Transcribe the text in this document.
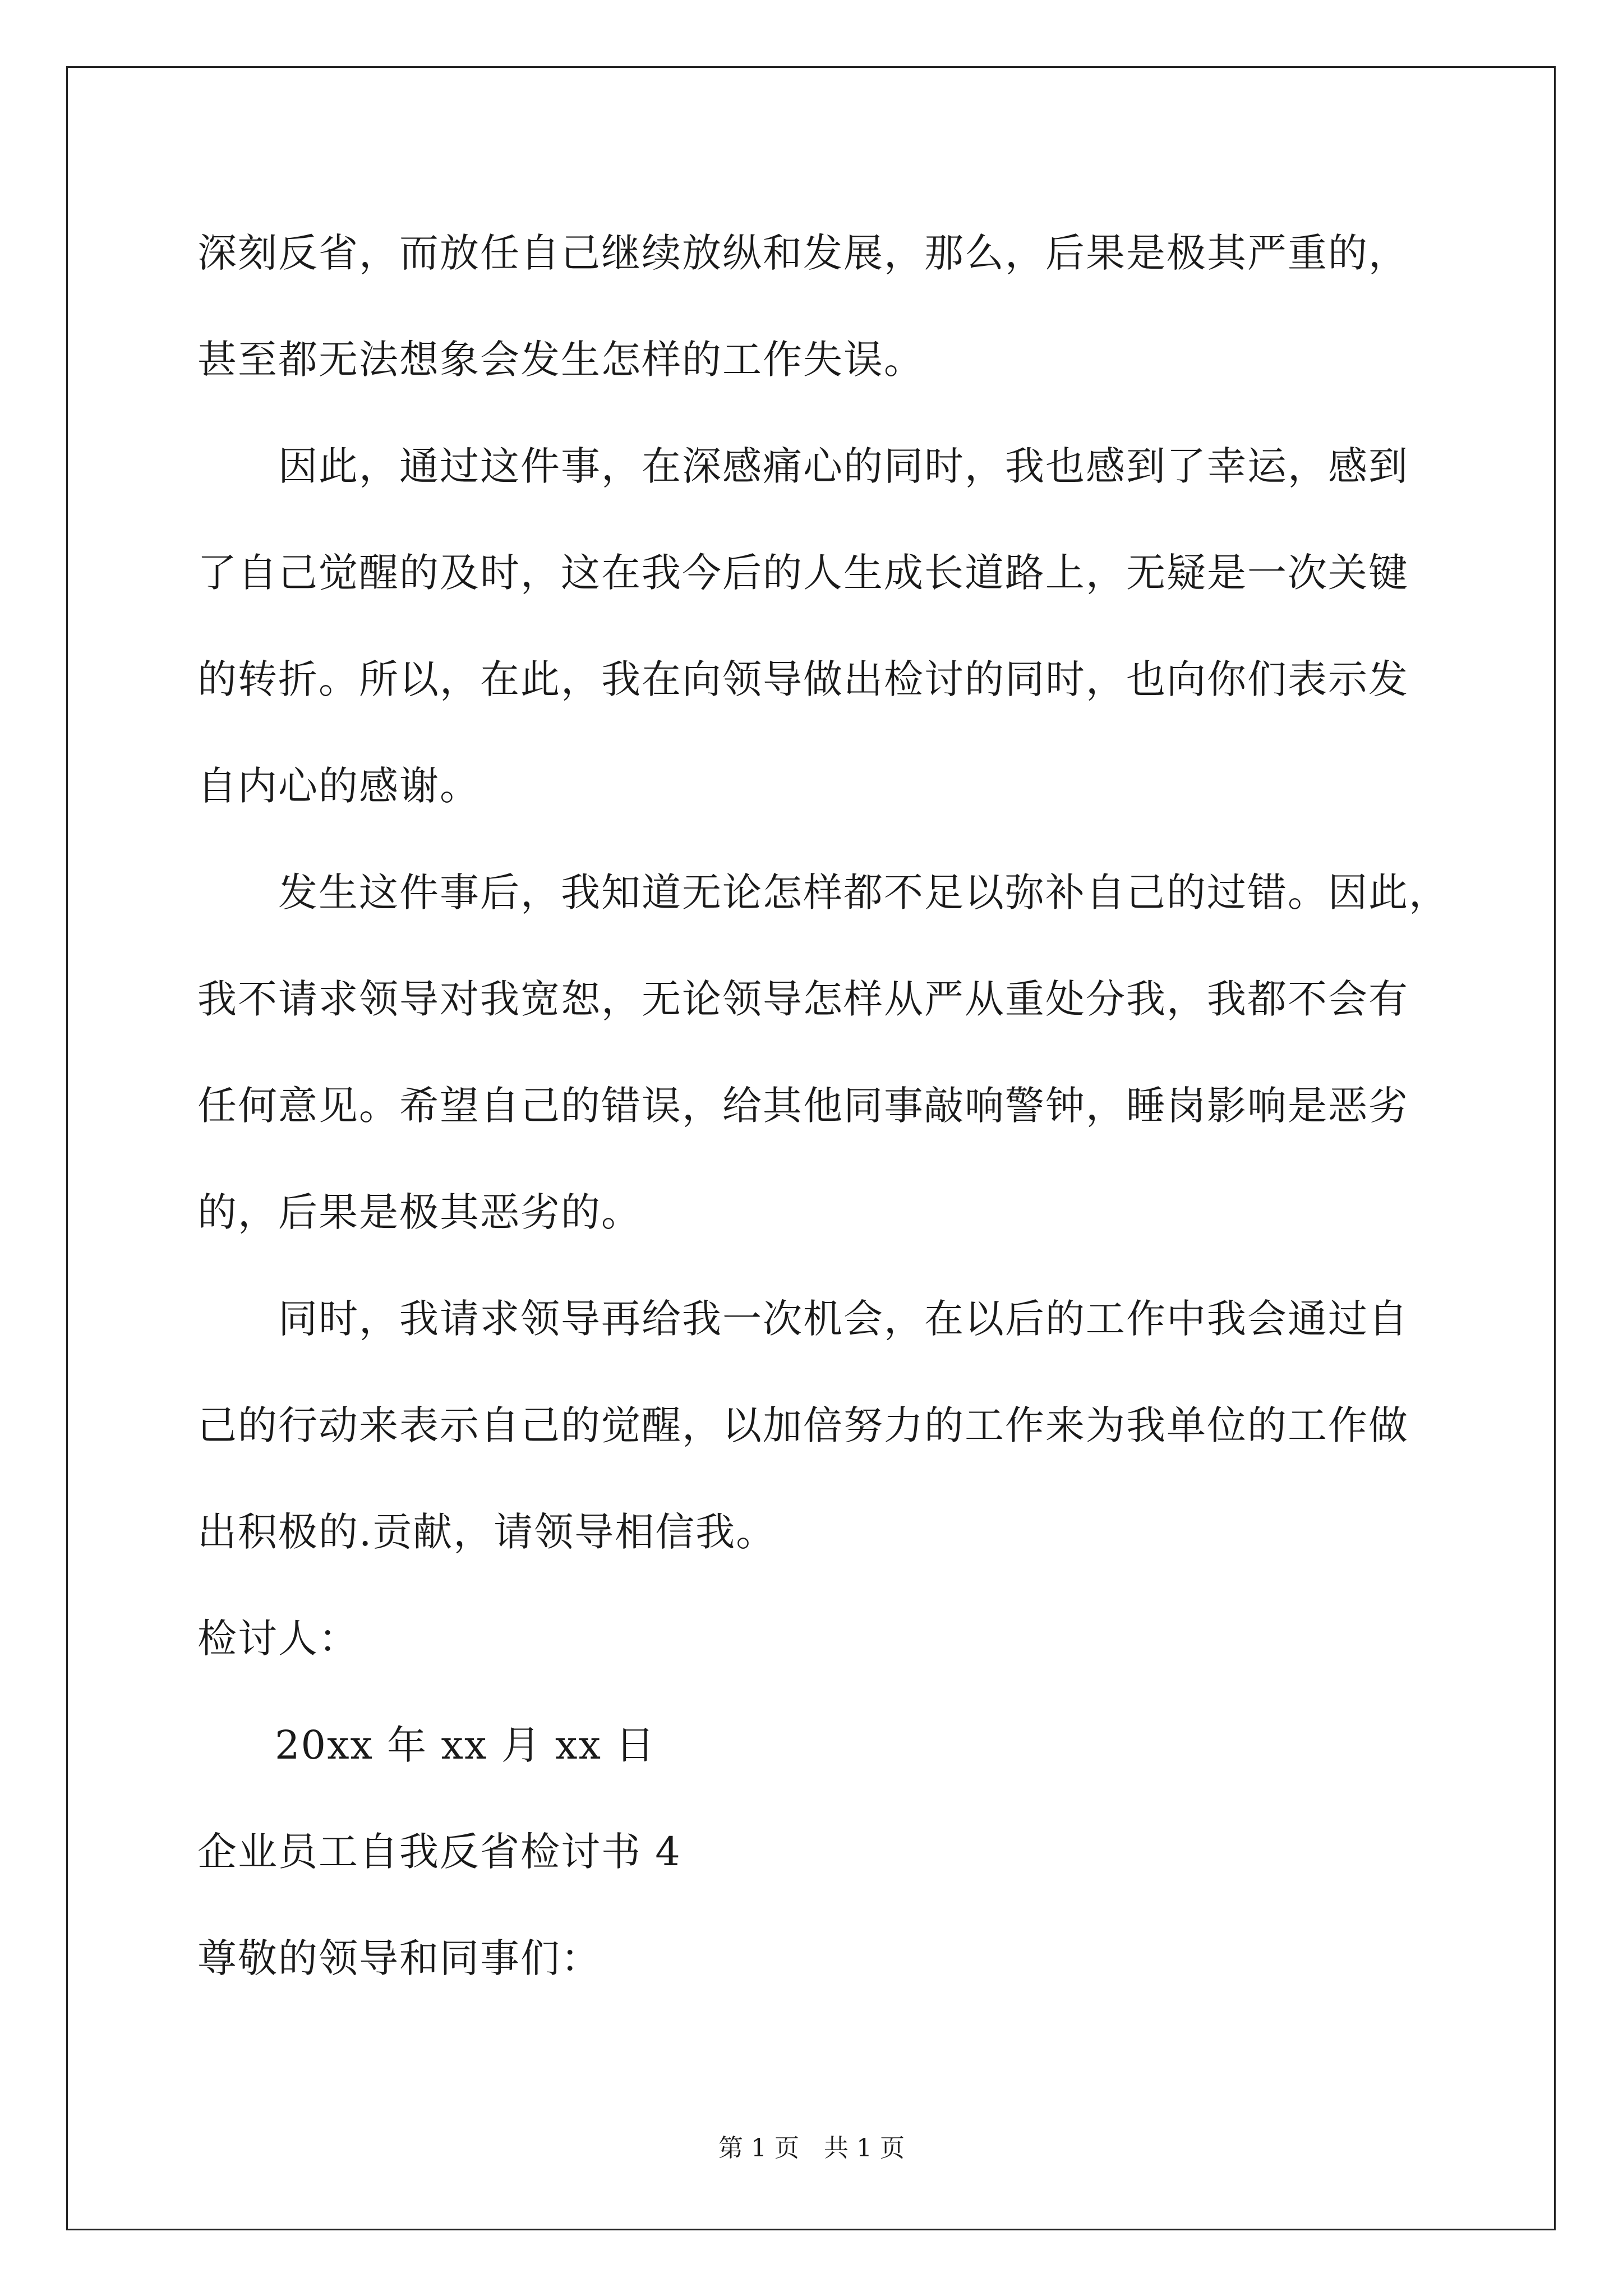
深刻反省，而放任自己继续放纵和发展，那么，后果是极其严重的，
甚至都无法想象会发生怎样的工作失误。
因此，通过这件事，在深感痛心的同时，我也感到了幸运，感到
了自己觉醒的及时，这在我今后的人生成长道路上，无疑是一次关键
的转折。所以，在此，我在向领导做出检讨的同时，也向你们表示发
自内心的感谢。
发生这件事后，我知道无论怎样都不足以弥补自己的过错。因此，
我不请求领导对我宽恕，无论领导怎样从严从重处分我，我都不会有
任何意见。希望自己的错误，给其他同事敲响警钟，睡岗影响是恶劣
的，后果是极其恶劣的。
同时，我请求领导再给我一次机会，在以后的工作中我会通过自
己的行动来表示自己的觉醒，以加倍努力的工作来为我单位的工作做
出积极的.贡献，请领导相信我。
检讨人：
20xx 年 xx 月 xx 日
企业员工自我反省检讨书 4
尊敬的领导和同事们：
第 1 页　共 1 页
